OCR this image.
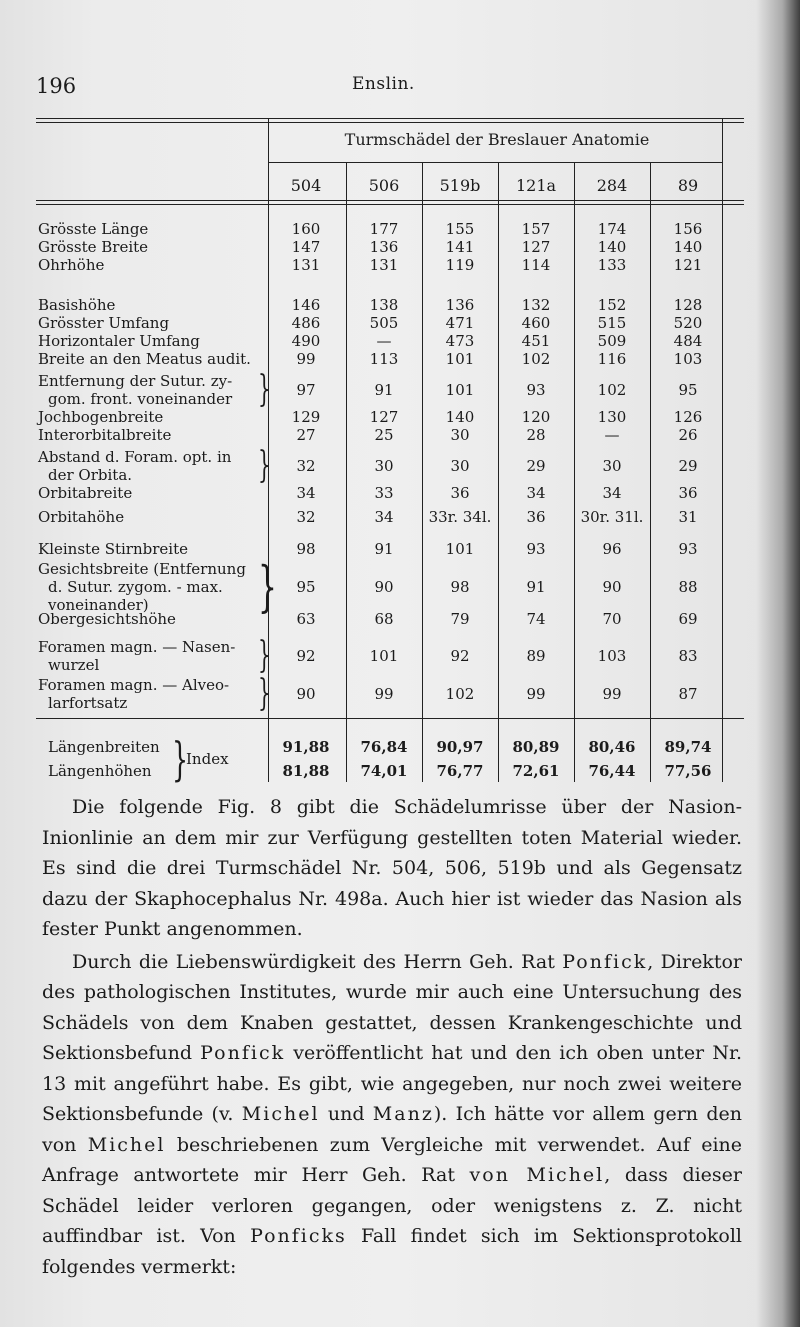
196	Enslin.
Turmschädel der Breslauer Anatomie
504	506	519b	121a	284	89
Grösste Länge	160	177	155	157	174	156
Grösste Breite	147	136	141	127	140	140
Ohrhöhe	131	131	119	114	133	121
Basishöhe	146	138	136	132	152	128
Grösster Umfang	486	505	471	460	515	520
Horizontaler Umfang	490	—	473	451	509	484
Breite an den Meatus audit.	99	113	101	102	116	103
Entfernung der Sutur. zy-
gom. front. voneinander }	97	91	101	93	102	95
Jochbogenbreite	129	127	140	120	130	126
Interorbitalbreite	27	25	30	28	—	26
Abstand d. Foram. opt. in
der Orbita.	}	32	30	30	29	30	29
Orbitabreite	34	33	36	34	34	36
Orbitahöhe	32	34	33r. 34l.	36	30r. 31l.	31
Kleinste Stirnbreite	98	91	101	93	96	93
Gesichtsbreite (Entfernung
d. Sutur. zygom. - max.
voneinander) }	95	90	98	91	90	88
Obergesichtshöhe	63	68	79	74	70	69
Foramen magn. — Nasen-
wurzel	}	92	101	92	89	103	83
Foramen magn. — Alveo-
larfortsatz	}	90	99	102	99	99	87
Längenbreiten	91,88	76,84	90,97	80,89	80,46	89,74
Längenhöhen	81,88	74,01	76,77	72,61	76,44	77,56
}
Index

Die folgende Fig. 8 gibt die Schädelumrisse über der Nasion-Inionlinie an dem mir zur Verfügung gestellten toten Material wieder. Es sind die drei Turmschädel Nr. 504, 506, 519b und als Gegensatz dazu der Skaphocephalus Nr. 498a. Auch hier ist wieder das Nasion als fester Punkt angenommen.

Durch die Liebenswürdigkeit des Herrn Geh. Rat Ponfick, Direktor des pathologischen Institutes, wurde mir auch eine Untersuchung des Schädels von dem Knaben gestattet, dessen Krankengeschichte und Sektionsbefund Ponfick veröffentlicht hat und den ich oben unter Nr. 13 mit angeführt habe. Es gibt, wie angegeben, nur noch zwei weitere Sektionsbefunde (v. Michel und Manz). Ich hätte vor allem gern den von Michel beschriebenen zum Vergleiche mit verwendet. Auf eine Anfrage antwortete mir Herr Geh. Rat von Michel, dass dieser Schädel leider verloren gegangen, oder wenigstens z. Z. nicht auffindbar ist. Von Ponficks Fall findet sich im Sektionsprotokoll folgendes vermerkt:
